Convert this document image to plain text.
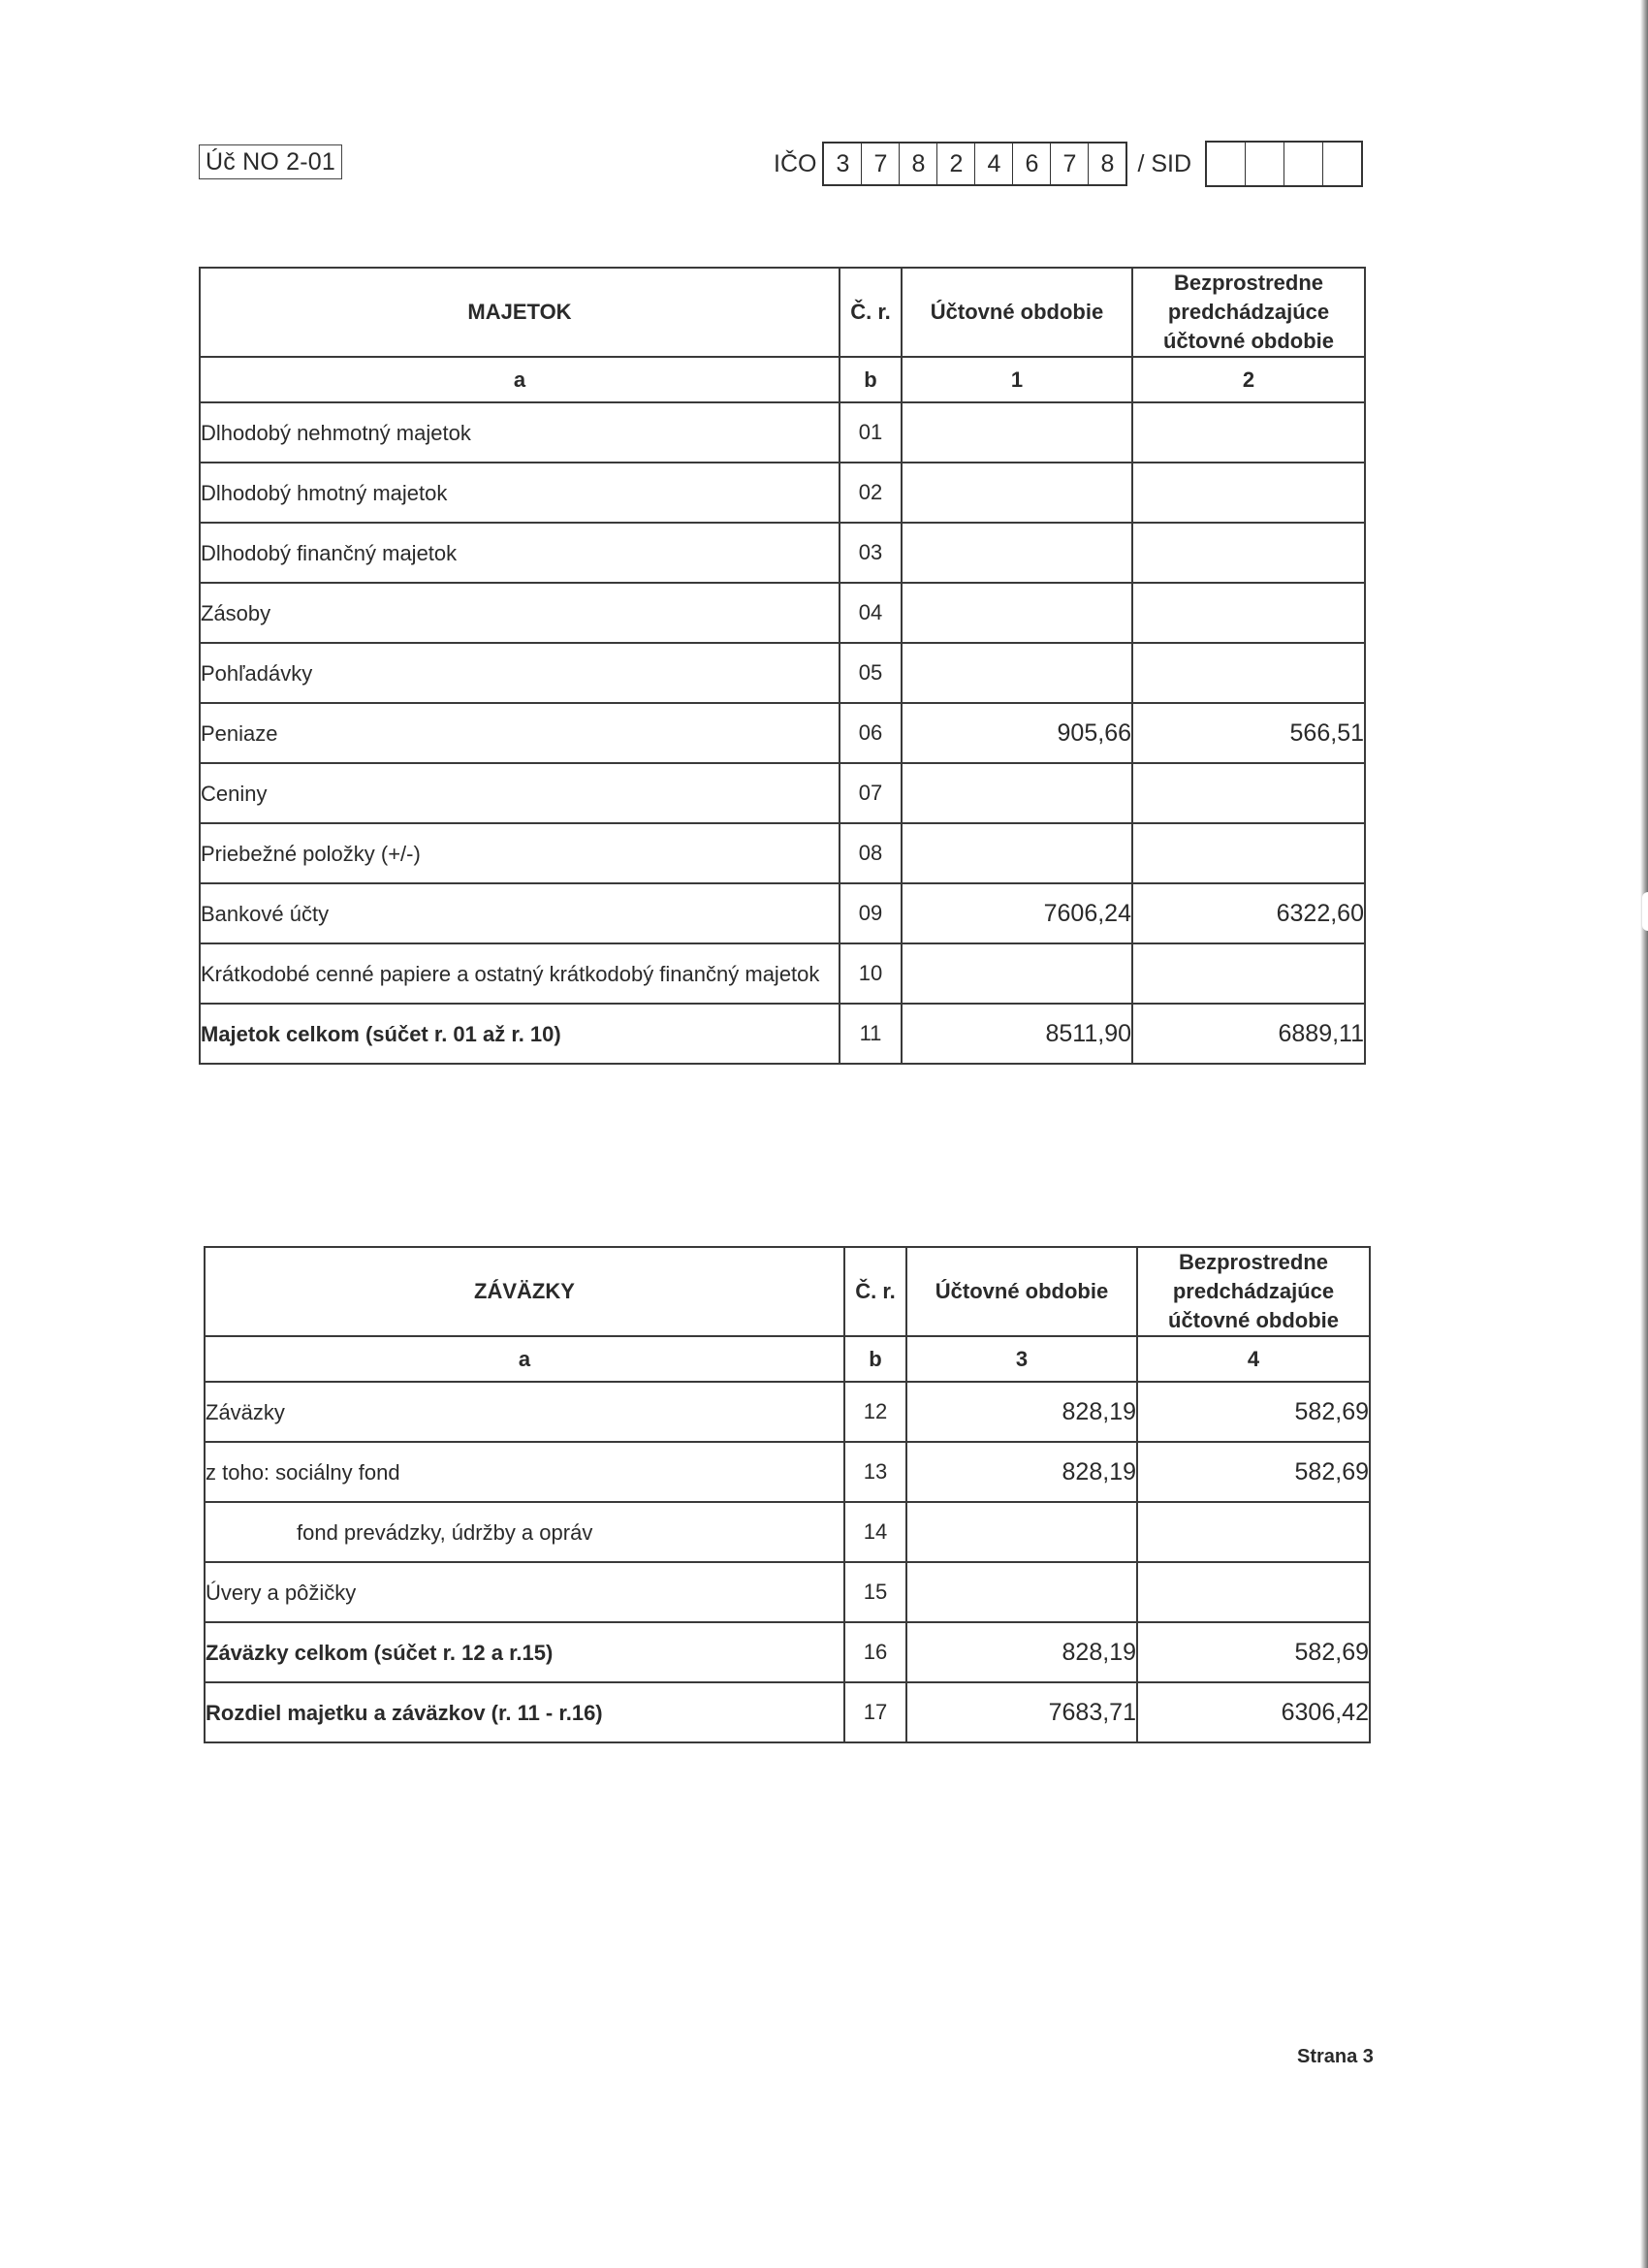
Úč NO 2-01	IČO 3	7	8	2	4	6	7	8 / SID
MAJETOK	Č. r.	Účtovné obdobie	Bezprostredne predchádzajúce účtovné obdobie
a	b	1	2
Dlhodobý nehmotný majetok	01		
Dlhodobý hmotný majetok	02		
Dlhodobý finančný majetok	03		
Zásoby	04		
Pohľadávky	05		
Peniaze	06	905,66	566,51
Ceniny	07		
Priebežné položky (+/-)	08		
Bankové účty	09	7606,24	6322,60
Krátkodobé cenné papiere a ostatný krátkodobý finančný majetok	10		
Majetok celkom (súčet r. 01 až r. 10)	11	8511,90	6889,11
ZÁVÄZKY	Č. r.	Účtovné obdobie	Bezprostredne predchádzajúce účtovné obdobie
a	b	3	4
Záväzky	12	828,19	582,69
z toho: sociálny fond	13	828,19	582,69
fond prevádzky, údržby a opráv	14		
Úvery a pôžičky	15		
Záväzky celkom (súčet r. 12 a r.15)	16	828,19	582,69
Rozdiel majetku a záväzkov (r. 11 - r.16)	17	7683,71	6306,42
Strana 3
